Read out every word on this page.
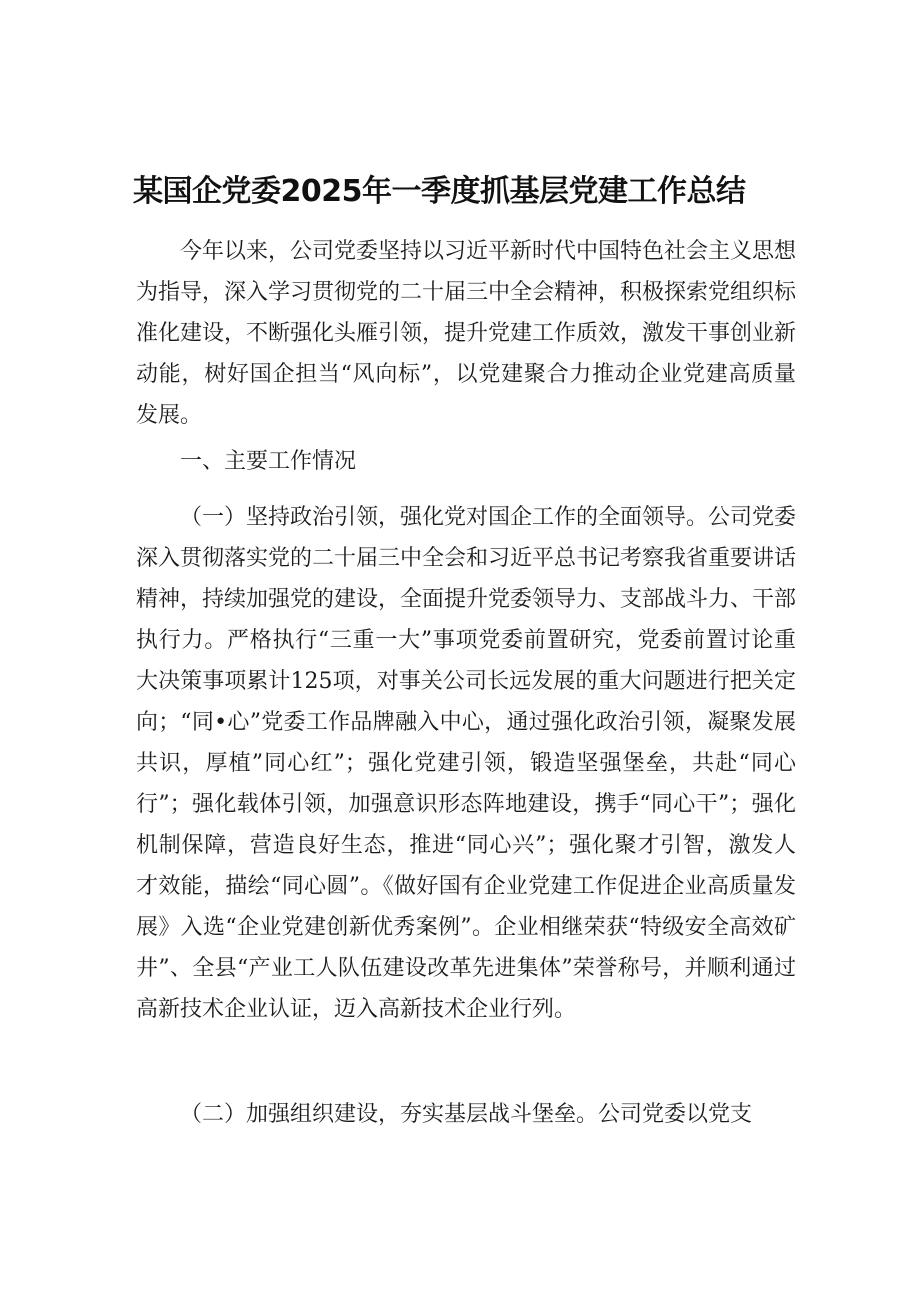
某国企党委2025年一季度抓基层党建工作总结

今年以来，公司党委坚持以习近平新时代中国特色社会主义思想为指导，深入学习贯彻党的二十届三中全会精神，积极探索党组织标准化建设，不断强化头雁引领，提升党建工作质效，激发干事创业新动能，树好国企担当“风向标”，以党建聚合力推动企业党建高质量发展。

一、主要工作情况

（一）坚持政治引领，强化党对国企工作的全面领导。公司党委深入贯彻落实党的二十届三中全会和习近平总书记考察我省重要讲话精神，持续加强党的建设，全面提升党委领导力、支部战斗力、干部执行力。严格执行“三重一大”事项党委前置研究，党委前置讨论重大决策事项累计125项，对事关公司长远发展的重大问题进行把关定向；“同•心”党委工作品牌融入中心，通过强化政治引领，凝聚发展共识，厚植”同心红”；强化党建引领，锻造坚强堡垒，共赴“同心行”；强化载体引领，加强意识形态阵地建设，携手“同心干”；强化机制保障，营造良好生态，推进“同心兴”；强化聚才引智，激发人才效能，描绘“同心圆”。《做好国有企业党建工作促进企业高质量发展》入选“企业党建创新优秀案例”。企业相继荣获“特级安全高效矿井”、全县“产业工人队伍建设改革先进集体”荣誉称号，并顺利通过高新技术企业认证，迈入高新技术企业行列。

（二）加强组织建设，夯实基层战斗堡垒。公司党委以党支
